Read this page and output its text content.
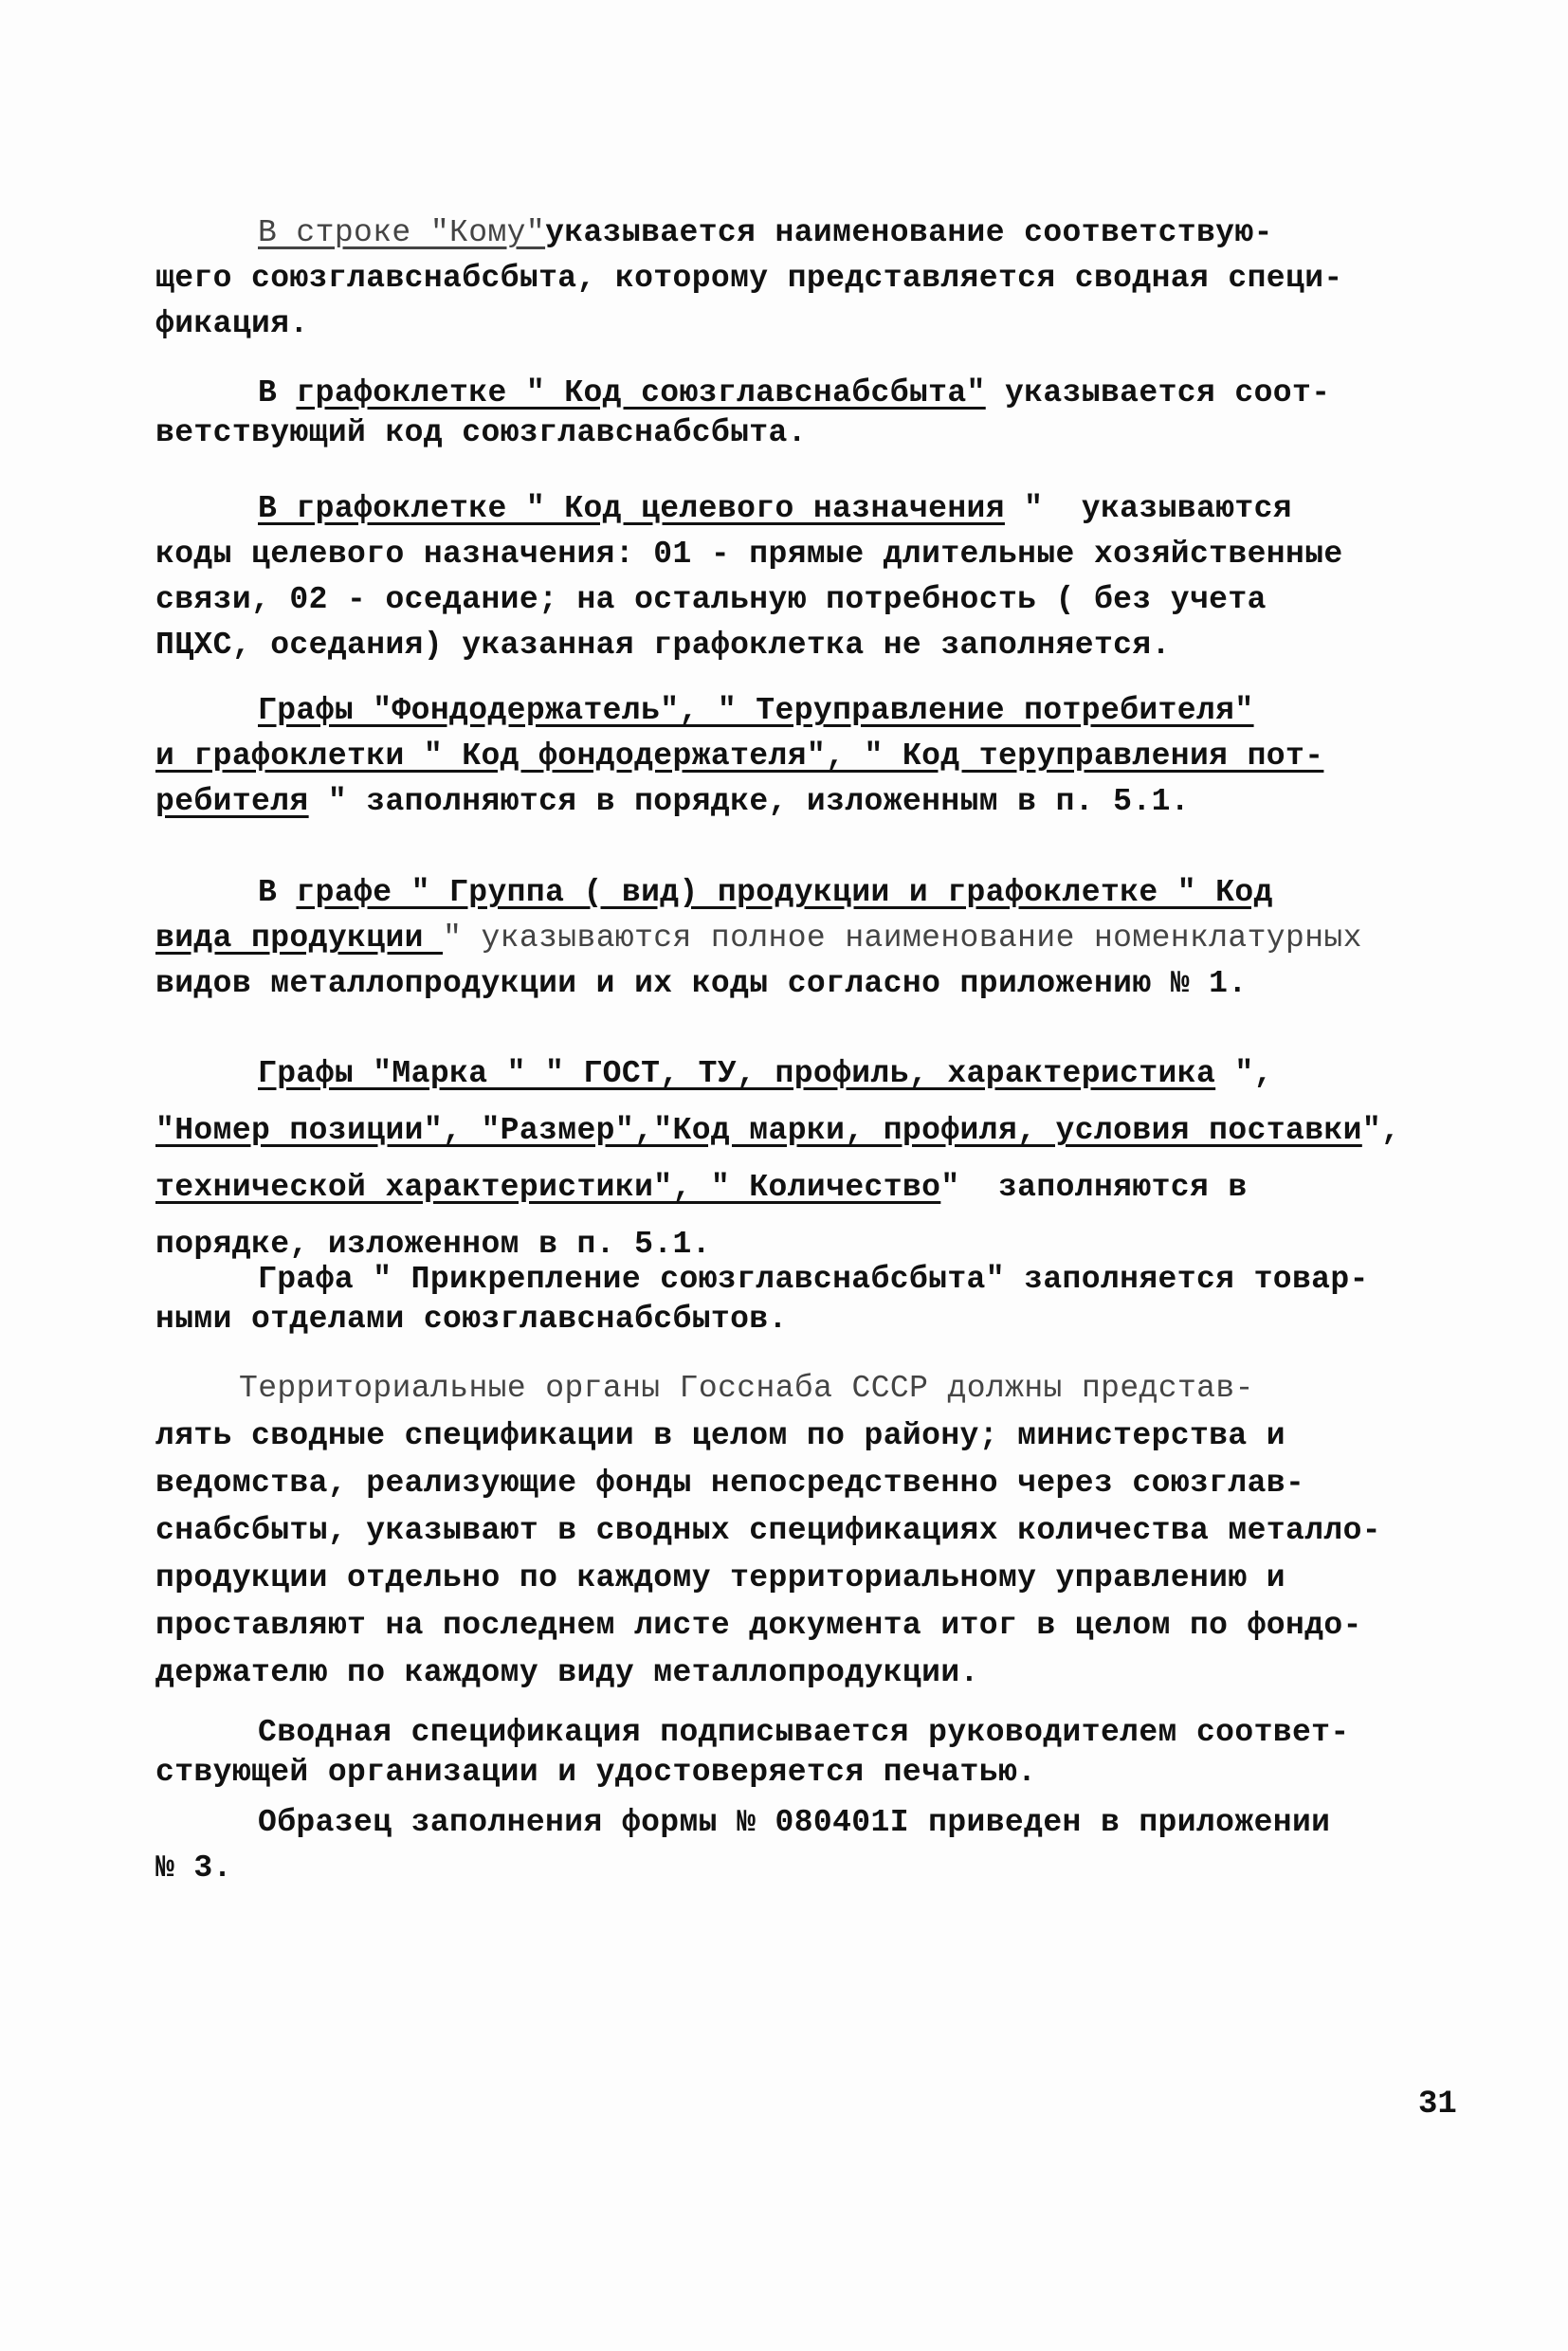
В строке "Кому"указывается наименование соответствую-
щего союзглавснабсбыта, которому представляется сводная специ-
фикация.
В графоклетке " Код союзглавснабсбыта" указывается соот-
ветствующий код союзглавснабсбыта.
В графоклетке " Код целевого назначения "  указываются
коды целевого назначения: 01 - прямые длительные хозяйственные
связи, 02 - оседание; на остальную потребность ( без учета
ПЦХС, оседания) указанная графоклетка не заполняется.
Графы "Фондодержатель", " Теруправление потребителя"
и графоклетки " Код фондодержателя", " Код теруправления пот-
ребителя " заполняются в порядке, изложенным в п. 5.1.
В графе " Группа ( вид) продукции и графоклетке " Код
вида продукции " указываются полное наименование номенклатурных
видов металлопродукции и их коды согласно приложению № 1.
Графы "Марка " " ГОСТ, ТУ, профиль, характеристика ",
"Номер позиции", "Размер","Код марки, профиля, условия поставки",
технической характеристики", " Количество"  заполняются в
порядке, изложенном в п. 5.1.
Графа " Прикрепление союзглавснабсбыта" заполняется товар-
ными отделами союзглавснабсбытов.
Территориальные органы Госснаба СССР должны представ-
лять сводные спецификации в целом по району; министерства и
ведомства, реализующие фонды непосредственно через союзглав-
снабсбыты, указывают в сводных спецификациях количества металло-
продукции отдельно по каждому территориальному управлению и
проставляют на последнем листе документа итог в целом по фондо-
держателю по каждому виду металлопродукции.
Сводная спецификация подписывается руководителем соответ-
ствующей организации и удостоверяется печатью.
Образец заполнения формы № 080401I приведен в приложении
№ 3.
31
